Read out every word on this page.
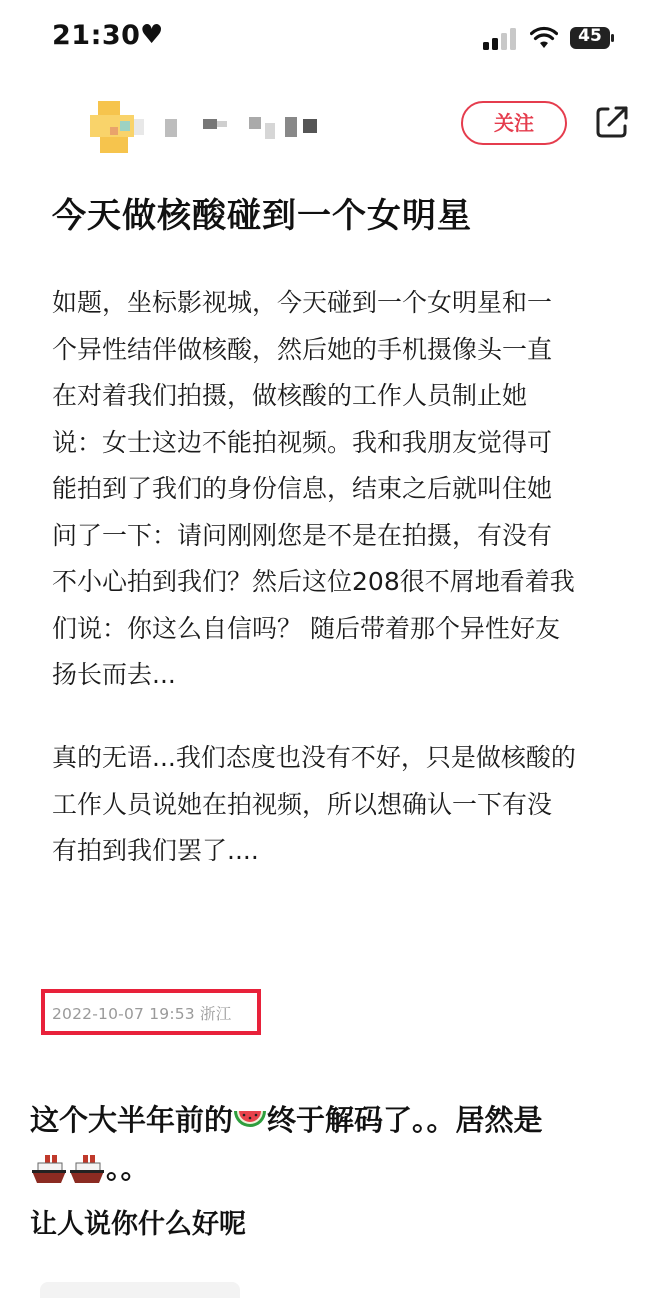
21:30 ♥	45
关注
今天做核酸碰到一个女明星
如题，坐标影视城，今天碰到一个女明星和一
个异性结伴做核酸，然后她的手机摄像头一直
在对着我们拍摄，做核酸的工作人员制止她
说：女士这边不能拍视频。我和我朋友觉得可
能拍到了我们的身份信息，结束之后就叫住她
问了一下：请问刚刚您是不是在拍摄，有没有
不小心拍到我们？然后这位208很不屑地看着我
们说：你这么自信吗？ 随后带着那个异性好友
扬长而去...
真的无语...我们态度也没有不好，只是做核酸的
工作人员说她在拍视频，所以想确认一下有没
有拍到我们罢了....
2022-10-07 19:53 浙江
这个大半年前的 终于解码了。。居然是
。。
让人说你什么好呢
